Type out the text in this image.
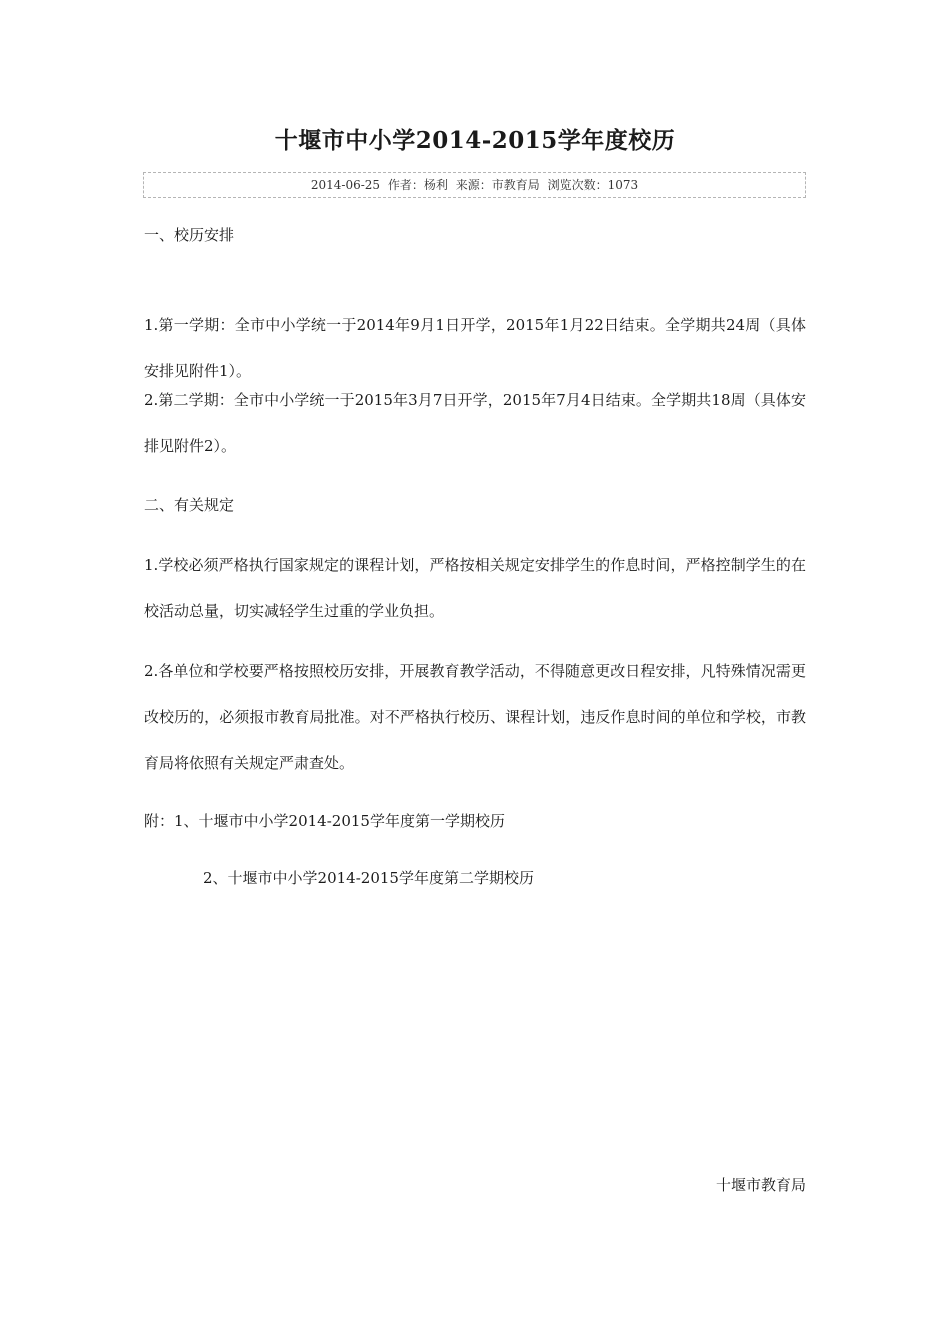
十堰市中小学2014-2015学年度校历
2014-06-25 作者：杨利 来源：市教育局 浏览次数：1073

一、校历安排

1.第一学期：全市中小学统一于2014年9月1日开学，2015年1月22日结束。全学期共24周（具体安排见附件1）。

2.第二学期：全市中小学统一于2015年3月7日开学，2015年7月4日结束。全学期共18周（具体安排见附件2）。

二、有关规定

1.学校必须严格执行国家规定的课程计划，严格按相关规定安排学生的作息时间，严格控制学生的在校活动总量，切实减轻学生过重的学业负担。

2.各单位和学校要严格按照校历安排，开展教育教学活动，不得随意更改日程安排，凡特殊情况需更改校历的，必须报市教育局批准。对不严格执行校历、课程计划，违反作息时间的单位和学校，市教育局将依照有关规定严肃查处。

附：1、十堰市中小学2014-2015学年度第一学期校历

2、十堰市中小学2014-2015学年度第二学期校历

十堰市教育局
